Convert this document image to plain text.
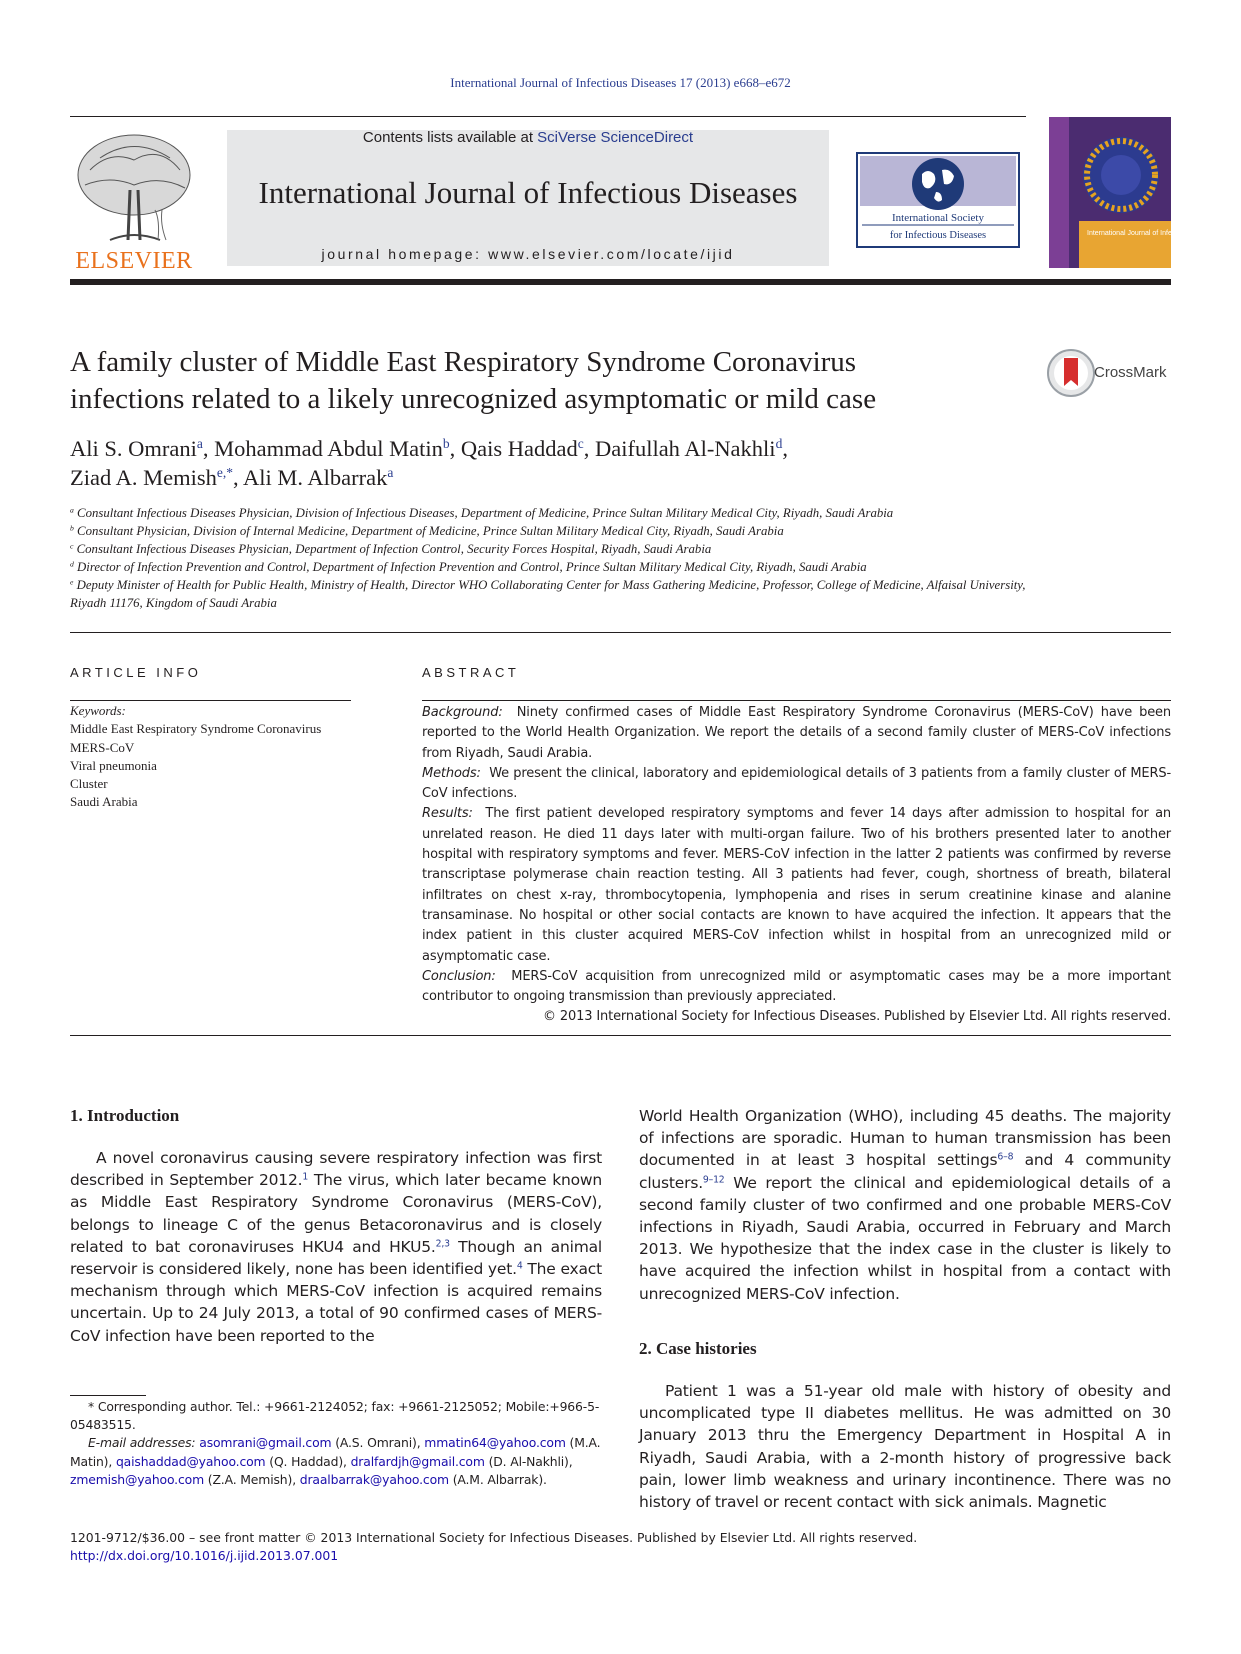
International Journal of Infectious Diseases 17 (2013) e668–e672
ELSEVIER
Contents lists available at SciVerse ScienceDirect
International Journal of Infectious Diseases
journal homepage: www.elsevier.com/locate/ijid
International Society
for Infectious Diseases	International Journal of Infectious Diseases
A family cluster of Middle East Respiratory Syndrome Coronavirus
infections related to a likely unrecognized asymptomatic or mild case
CrossMark
Ali S. Omrani$^a$, Mohammad Abdul Matin$^b$, Qais Haddad$^c$, Daifullah Al-Nakhli$^d$,
Ziad A. Memish$^{e,*}$, Ali M. Albarrak$^a$
$^a$ Consultant Infectious Diseases Physician, Division of Infectious Diseases, Department of Medicine, Prince Sultan Military Medical City, Riyadh, Saudi Arabia
$^b$ Consultant Physician, Division of Internal Medicine, Department of Medicine, Prince Sultan Military Medical City, Riyadh, Saudi Arabia
$^c$ Consultant Infectious Diseases Physician, Department of Infection Control, Security Forces Hospital, Riyadh, Saudi Arabia
$^d$ Director of Infection Prevention and Control, Department of Infection Prevention and Control, Prince Sultan Military Medical City, Riyadh, Saudi Arabia
$^e$ Deputy Minister of Health for Public Health, Ministry of Health, Director WHO Collaborating Center for Mass Gathering Medicine, Professor, College of Medicine, Alfaisal University, Riyadh 11176, Kingdom of Saudi Arabia
ARTICLE INFO	ABSTRACT
Keywords:
Middle East Respiratory Syndrome Coronavirus
MERS-CoV
Viral pneumonia
Cluster
Saudi Arabia
Background: Ninety confirmed cases of Middle East Respiratory Syndrome Coronavirus (MERS-CoV) have been reported to the World Health Organization. We report the details of a second family cluster of MERS-CoV infections from Riyadh, Saudi Arabia.
Methods: We present the clinical, laboratory and epidemiological details of 3 patients from a family cluster of MERS-CoV infections.
Results: The first patient developed respiratory symptoms and fever 14 days after admission to hospital for an unrelated reason. He died 11 days later with multi-organ failure. Two of his brothers presented later to another hospital with respiratory symptoms and fever. MERS-CoV infection in the latter 2 patients was confirmed by reverse transcriptase polymerase chain reaction testing. All 3 patients had fever, cough, shortness of breath, bilateral infiltrates on chest x-ray, thrombocytopenia, lymphopenia and rises in serum creatinine kinase and alanine transaminase. No hospital or other social contacts are known to have acquired the infection. It appears that the index patient in this cluster acquired MERS-CoV infection whilst in hospital from an unrecognized mild or asymptomatic case.
Conclusion: MERS-CoV acquisition from unrecognized mild or asymptomatic cases may be a more important contributor to ongoing transmission than previously appreciated.
© 2013 International Society for Infectious Diseases. Published by Elsevier Ltd. All rights reserved.
1. Introduction
A novel coronavirus causing severe respiratory infection was first described in September 2012.$^1$ The virus, which later became known as Middle East Respiratory Syndrome Coronavirus (MERS-CoV), belongs to lineage C of the genus Betacoronavirus and is closely related to bat coronaviruses HKU4 and HKU5.$^{2,3}$ Though an animal reservoir is considered likely, none has been identified yet.$^4$ The exact mechanism through which MERS-CoV infection is acquired remains uncertain. Up to 24 July 2013, a total of 90 confirmed cases of MERS-CoV infection have been reported to the
World Health Organization (WHO), including 45 deaths. The majority of infections are sporadic. Human to human transmission has been documented in at least 3 hospital settings$^{6-8}$ and 4 community clusters.$^{9-12}$ We report the clinical and epidemiological details of a second family cluster of two confirmed and one probable MERS-CoV infections in Riyadh, Saudi Arabia, occurred in February and March 2013. We hypothesize that the index case in the cluster is likely to have acquired the infection whilst in hospital from a contact with unrecognized MERS-CoV infection.
2. Case histories
Patient 1 was a 51-year old male with history of obesity and uncomplicated type II diabetes mellitus. He was admitted on 30 January 2013 thru the Emergency Department in Hospital A in Riyadh, Saudi Arabia, with a 2-month history of progressive back pain, lower limb weakness and urinary incontinence. There was no history of travel or recent contact with sick animals. Magnetic
* Corresponding author. Tel.: +9661-2124052; fax: +9661-2125052; Mobile:+966-5-05483515.
E-mail addresses: asomrani@gmail.com (A.S. Omrani), mmatin64@yahoo.com (M.A. Matin), qaishaddad@yahoo.com (Q. Haddad), dralfardjh@gmail.com (D. Al-Nakhli), zmemish@yahoo.com (Z.A. Memish), draalbarrak@yahoo.com (A.M. Albarrak).
1201-9712/$36.00 – see front matter © 2013 International Society for Infectious Diseases. Published by Elsevier Ltd. All rights reserved.
http://dx.doi.org/10.1016/j.ijid.2013.07.001
